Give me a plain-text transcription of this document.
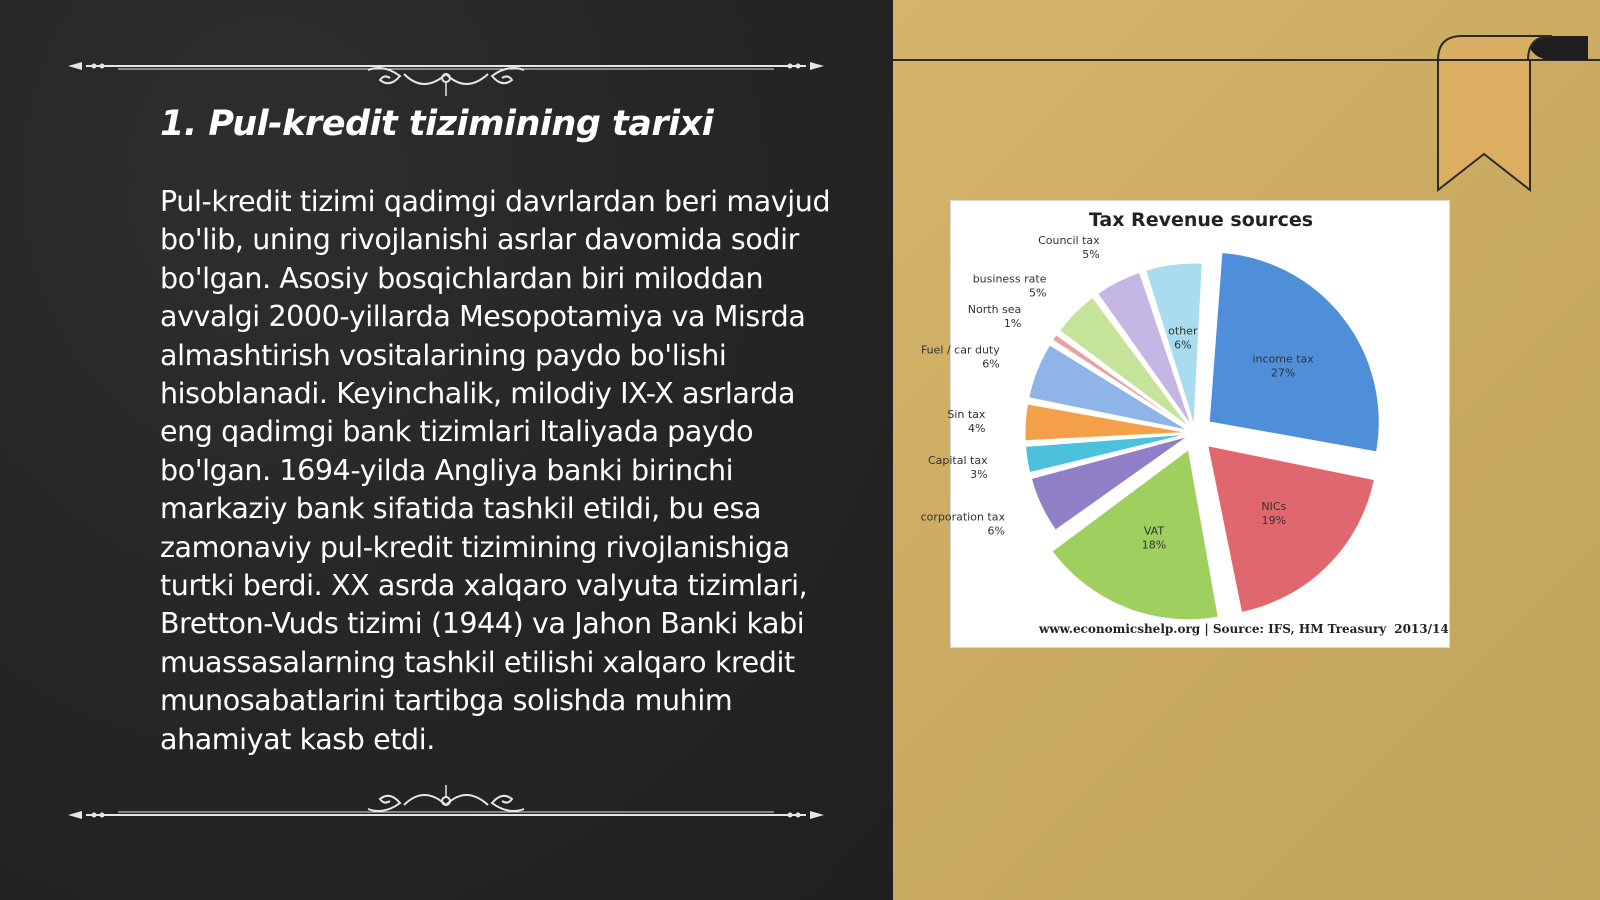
1. Pul-kredit tizimining tarixi

Pul-kredit tizimi qadimgi davrlardan beri mavjud bo'lib, uning rivojlanishi asrlar davomida sodir bo'lgan. Asosiy bosqichlardan biri miloddan avvalgi 2000-yillarda Mesopotamiya va Misrda almashtirish vositalarining paydo bo'lishi hisoblanadi. Keyinchalik, milodiy IX-X asrlarda eng qadimgi bank tizimlari Italiyada paydo bo'lgan. 1694-yilda Angliya banki birinchi markaziy bank sifatida tashkil etildi, bu esa zamonaviy pul-kredit tizimining rivojlanishiga turtki berdi. XX asrda xalqaro valyuta tizimlari, Bretton-Vuds tizimi (1944) va Jahon Banki kabi muassasalarning tashkil etilishi xalqaro kredit munosabatlarini tartibga solishda muhim ahamiyat kasb etdi.

income tax
27%
NICs
19%
VAT
18%
corporation tax
6%
Capital tax
3%
Sin tax
4%
Fuel / car duty
6%
North sea
1%
business rate
5%
Council tax
5%
other
6%
Tax Revenue sources
www.economicshelp.org | Source: IFS, HM Treasury 2013/14
